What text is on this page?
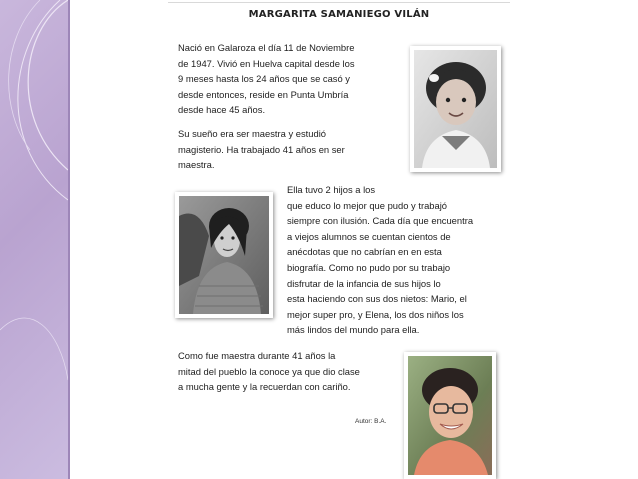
MARGARITA SAMANIEGO VILÁN
Nació en Galaroza el día 11 de Noviembre
de 1947. Vivió en Huelva capital desde los
9 meses hasta los 24 años que se casó y
desde entonces, reside en Punta Umbría
desde hace 45 años.
Su sueño era ser maestra y estudió
magisterio. Ha trabajado 41 años en ser
maestra.
Ella tuvo 2 hijos a los
que educo lo mejor que pudo y trabajó
siempre con ilusión. Cada día que encuentra
a viejos alumnos se cuentan cientos de
anécdotas que no cabrían en en esta
biografía. Como no pudo por su trabajo
disfrutar de la infancia de sus hijos lo
esta haciendo con sus dos nietos: Mario, el
mejor super pro, y Elena, los dos niños los
más lindos del mundo para ella.
Como fue maestra durante 41 años la
mitad del pueblo la conoce ya que dio clase
a mucha gente y la recuerdan con cariño.
Autor: B.A.
